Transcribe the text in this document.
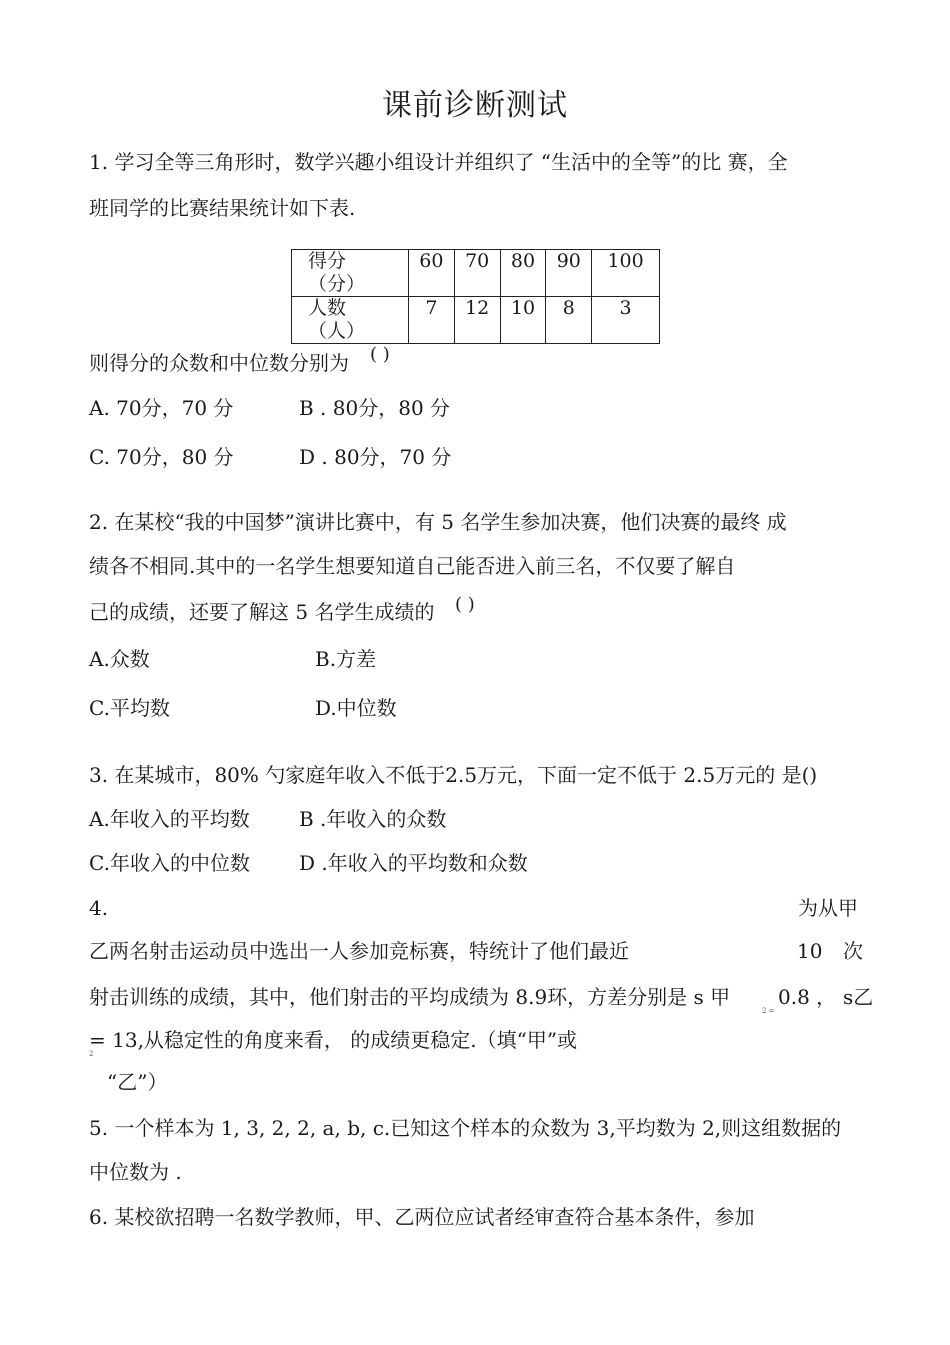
课前诊断测试
1. 学习全等三角形时，数学兴趣小组设计并组织了 “生活中的全等”的比 赛，全
班同学的比赛结果统计如下表.
得分
（分）	60	70	80	90	100

人数
（人）	7	12	10	8	3
则得分的众数和中位数分别为 ( )
A. 70分，70 分	B . 80分，80 分
C. 70分，80 分	D . 80分，70 分
2. 在某校“我的中国梦”演讲比赛中，有 5 名学生参加决赛，他们决赛的最终 成
绩各不相同.其中的一名学生想要知道自己能否进入前三名，不仅要了解自
己的成绩，还要了解这 5 名学生成绩的 ( )
A.众数	B.方差
C.平均数	D.中位数
3. 在某城市，80% 勺家庭年收入不低于2.5万元，下面一定不低于 2.5万元的 是()
A.年收入的平均数 B .年收入的众数
C.年收入的中位数 D .年收入的平均数和众数
4.	为从甲
乙两名射击运动员中选出一人参加竞标赛，特统计了他们最近	10 次
射击训练的成绩，其中，他们射击的平均成绩为 8.9环，方差分别是 s 甲
2 =
0.8 ， s乙
2
= 13,从稳定性的角度来看， 的成绩更稳定.（填“甲”或
“乙”）
5. 一个样本为 1, 3, 2, 2, a, b, c.已知这个样本的众数为 3,平均数为 2,则这组数据的
中位数为 .
6. 某校欲招聘一名数学教师，甲、乙两位应试者经审查符合基本条件，参加
